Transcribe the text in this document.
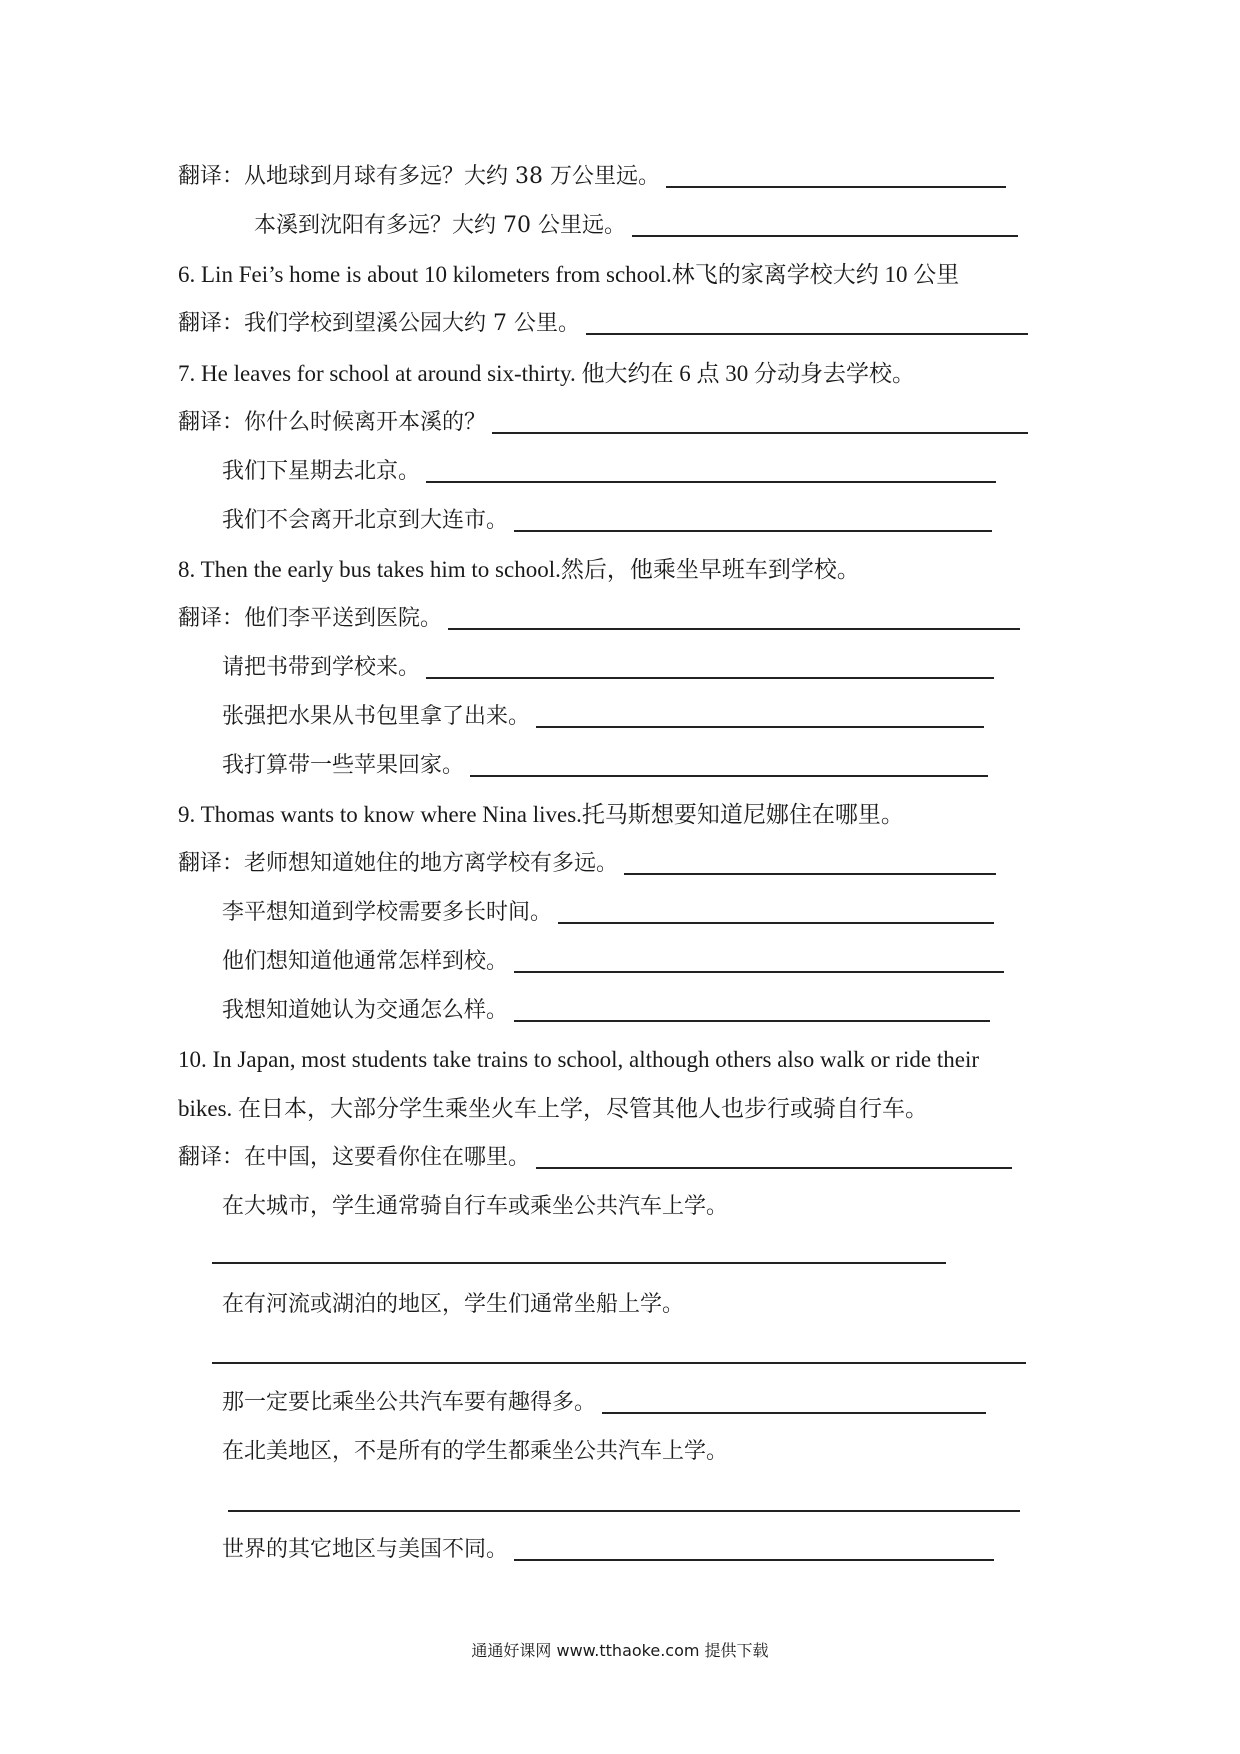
翻译：从地球到月球有多远？大约 38 万公里远。
本溪到沈阳有多远？大约 70 公里远。
6. Lin Fei’s home is about 10 kilometers from school.林飞的家离学校大约 10 公里
翻译：我们学校到望溪公园大约 7 公里。
7. He leaves for school at around six-thirty. 他大约在 6 点 30 分动身去学校。
翻译：你什么时候离开本溪的？
我们下星期去北京。
我们不会离开北京到大连市。
8. Then the early bus takes him to school.然后，他乘坐早班车到学校。
翻译：他们李平送到医院。
请把书带到学校来。
张强把水果从书包里拿了出来。
我打算带一些苹果回家。
9. Thomas wants to know where Nina lives.托马斯想要知道尼娜住在哪里。
翻译：老师想知道她住的地方离学校有多远。
李平想知道到学校需要多长时间。
他们想知道他通常怎样到校。
我想知道她认为交通怎么样。
10. In Japan, most students take trains to school, although others also walk or ride their
bikes. 在日本，大部分学生乘坐火车上学，尽管其他人也步行或骑自行车。
翻译：在中国，这要看你住在哪里。
在大城市，学生通常骑自行车或乘坐公共汽车上学。
在有河流或湖泊的地区，学生们通常坐船上学。
那一定要比乘坐公共汽车要有趣得多。
在北美地区，不是所有的学生都乘坐公共汽车上学。
世界的其它地区与美国不同。
通通好课网 www.tthaoke.com 提供下载
